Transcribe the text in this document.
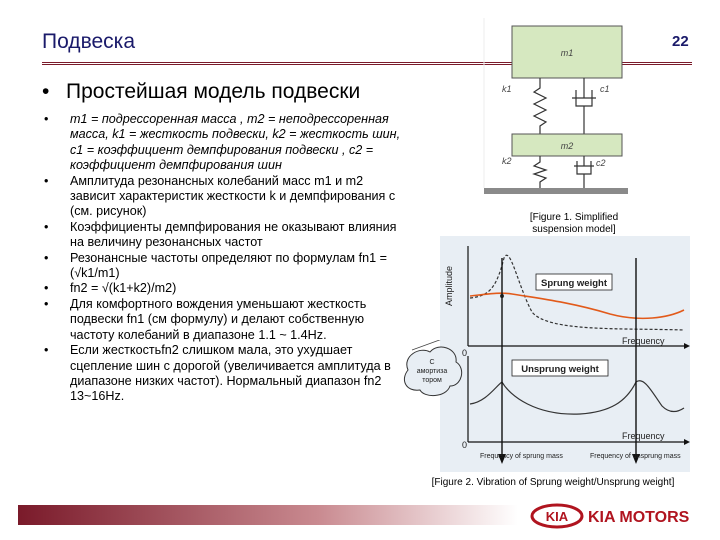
Подвеска	22
• Простейшая модель подвески
• m1 = подрессоренная масса , m2 = неподрессоренная масса, k1 = жесткость подвески, k2 = жесткость шин, c1 = коэффициент демпфирования подвески , c2 = коэффициент демпфирования шин
• Амплитуда резонансных колебаний масс m1 и m2 зависит характеристик жесткости k и демпфирования c (см. рисунок)
• Коэффициенты демпфирования не оказывают влияния на величину резонансных частот
• Резонансные частоты определяют по формулам fn1 = (√k1/m1)
• fn2 = √(k1+k2)/m2)
• Для комфортного вождения уменьшают жесткость подвески fn1 (см формулу) и делают собственную частоту колебаний в диапазоне 1.1 ~ 1.4Hz.
• Если жесткостьfn2 слишком мала, это ухудшает сцепление шин с дорогой (увеличивается амплитуда в диапазоне низких частот). Нормальный диапазон fn2 13~16Hz.
m1
k1	c1
m2
k2	c2
[Figure 1. Simplified suspension model]
Amplitude
0
Frequency
Sprung weight
0
Frequency
Unsprung weight
Frequency of sprung mass	Frequency of unsprung mass
[Figure 2. Vibration of Sprung weight/Unsprung weight]
C
амортиза
тором
KIA KIA MOTORS
